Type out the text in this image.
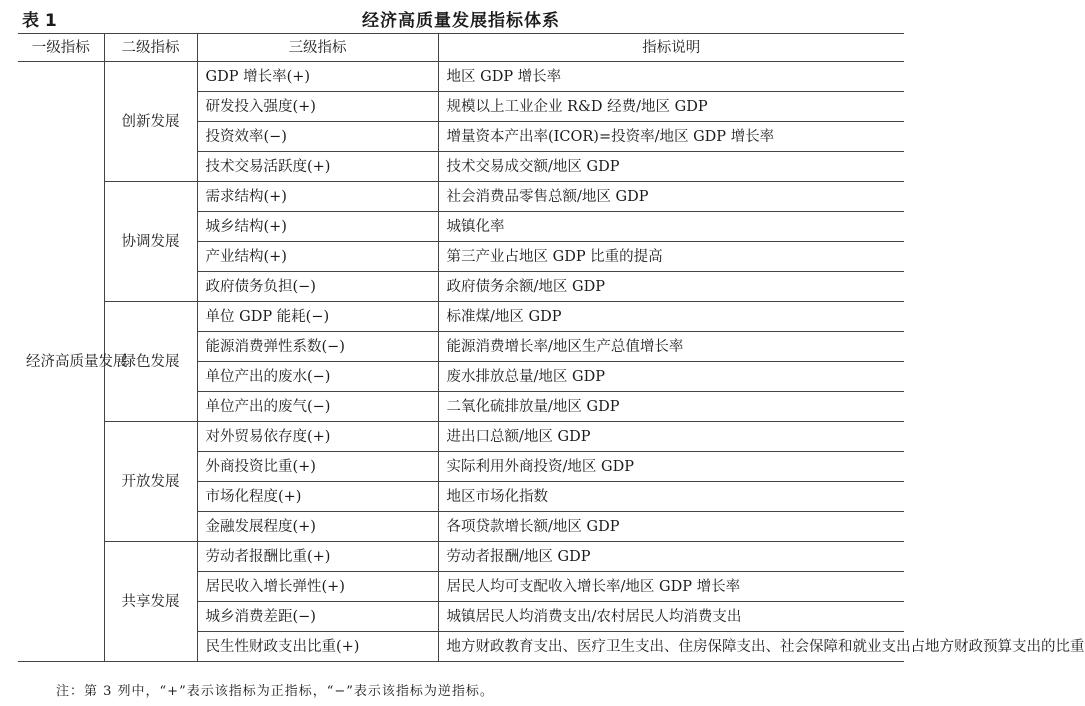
表 1	经济高质量发展指标体系
一级指标	二级指标	三级指标	指标说明
经济高质量发展	创新发展	GDP 增长率(+)	地区 GDP 增长率
		研发投入强度(+)	规模以上工业企业 R&D 经费/地区 GDP
		投资效率(−)	增量资本产出率(ICOR)=投资率/地区 GDP 增长率
		技术交易活跃度(+)	技术交易成交额/地区 GDP
	协调发展	需求结构(+)	社会消费品零售总额/地区 GDP
		城乡结构(+)	城镇化率
		产业结构(+)	第三产业占地区 GDP 比重的提高
		政府债务负担(−)	政府债务余额/地区 GDP
	绿色发展	单位 GDP 能耗(−)	标准煤/地区 GDP
		能源消费弹性系数(−)	能源消费增长率/地区生产总值增长率
		单位产出的废水(−)	废水排放总量/地区 GDP
		单位产出的废气(−)	二氧化硫排放量/地区 GDP
	开放发展	对外贸易依存度(+)	进出口总额/地区 GDP
		外商投资比重(+)	实际利用外商投资/地区 GDP
		市场化程度(+)	地区市场化指数
		金融发展程度(+)	各项贷款增长额/地区 GDP
	共享发展	劳动者报酬比重(+)	劳动者报酬/地区 GDP
		居民收入增长弹性(+)	居民人均可支配收入增长率/地区 GDP 增长率
		城乡消费差距(−)	城镇居民人均消费支出/农村居民人均消费支出
		民生性财政支出比重(+)	地方财政教育支出、医疗卫生支出、住房保障支出、社会保障和就业支出占地方财政预算支出的比重
注：第 3 列中，“+”表示该指标为正指标，“−”表示该指标为逆指标。
